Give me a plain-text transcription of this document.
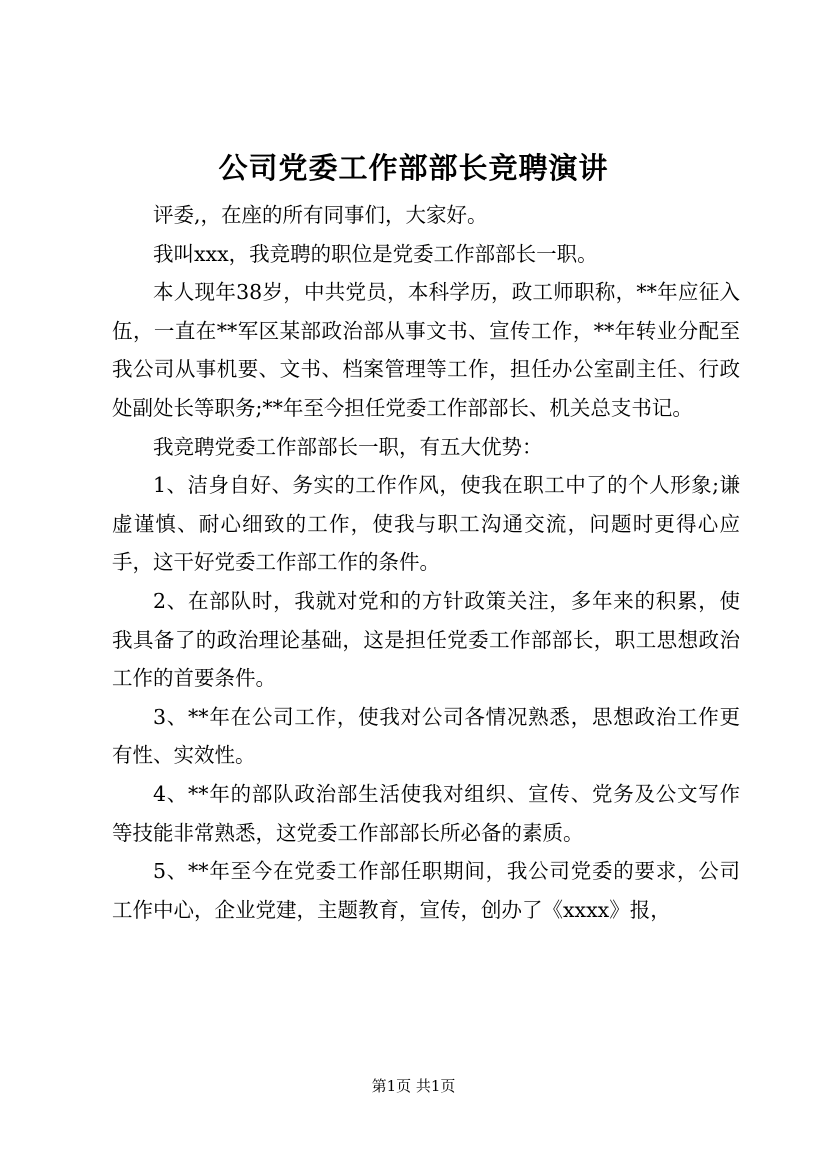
公司党委工作部部长竞聘演讲

评委,，在座的所有同事们，大家好。

我叫xxx，我竞聘的职位是党委工作部部长一职。

本人现年38岁，中共党员，本科学历，政工师职称，**年应征入伍，一直在**军区某部政治部从事文书、宣传工作，**年转业分配至我公司从事机要、文书、档案管理等工作，担任办公室副主任、行政处副处长等职务;**年至今担任党委工作部部长、机关总支书记。

我竞聘党委工作部部长一职，有五大优势：

1、洁身自好、务实的工作作风，使我在职工中了的个人形象;谦虚谨慎、耐心细致的工作，使我与职工沟通交流，问题时更得心应手，这干好党委工作部工作的条件。

2、在部队时，我就对党和的方针政策关注，多年来的积累，使我具备了的政治理论基础，这是担任党委工作部部长，职工思想政治工作的首要条件。

3、**年在公司工作，使我对公司各情况熟悉，思想政治工作更有性、实效性。

4、**年的部队政治部生活使我对组织、宣传、党务及公文写作等技能非常熟悉，这党委工作部部长所必备的素质。

5、**年至今在党委工作部任职期间，我公司党委的要求，公司工作中心，企业党建，主题教育，宣传，创办了《xxxx》报，

第1页 共1页
